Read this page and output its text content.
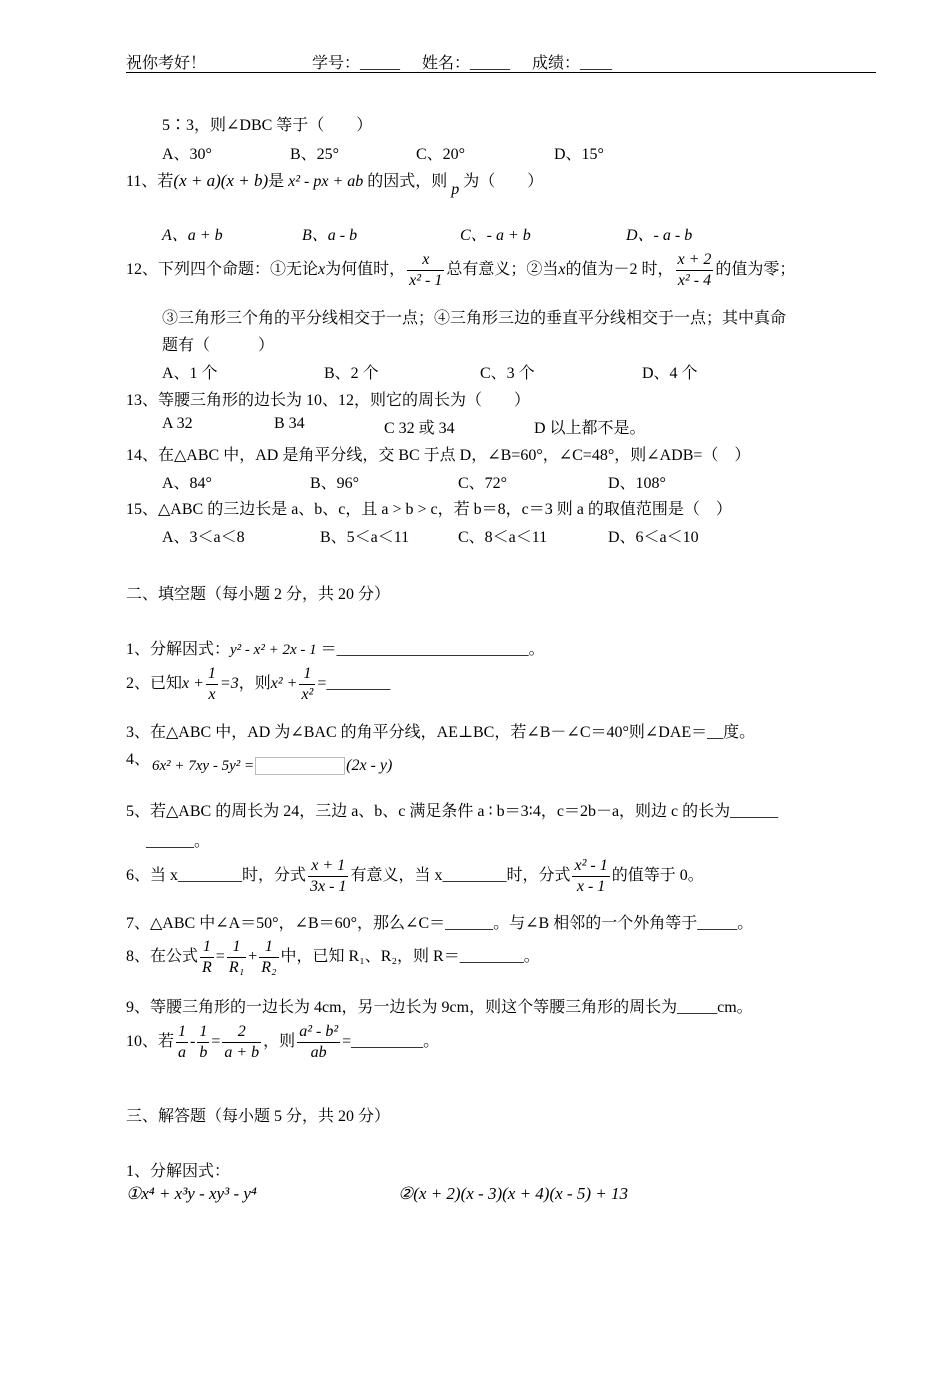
祝你考好！	学号：_____ 姓名：_____ 成绩：____
5∶3，则∠DBC 等于（　　）
A、30°	B、25°	C、20°	D、15°
11、若(x + a)(x + b)是 x² - px + ab 的因式，则 p 为（　　）
A、a + b	B、a - b	C、- a + b	D、- a - b
12、下列四个命题：①无论x为何值时， $\frac{x}{\text{x² - 1}}$ 总有意义；②当x的值为－2 时， $\frac{x + 2}{\text{x² - 4}}$ 的值为零；
③三角形三个角的平分线相交于一点；④三角形三边的垂直平分线相交于一点；其中真命
题有（　　　）
A、1 个	B、2 个	C、3 个	D、4 个
13、等腰三角形的边长为 10、12，则它的周长为（　　）
A 32	B 34	C 32 或 34	D 以上都不是。
14、在△ABC 中，AD 是角平分线，交 BC 于点 D，∠B=60°，∠C=48°，则∠ADB=（　）
A、84°	B、96°	C、72°	D、108°
15、△ABC 的三边长是 a、b、c，且 a > b > c，若 b＝8，c＝3 则 a 的取值范围是（　）
A、3＜a＜8	B、5＜a＜11	C、8＜a＜11	D、6＜a＜10
二、填空题（每小题 2 分，共 20 分）
1、分解因式：y² - x² + 2x - 1 ＝________________________。
2、已知$x + \frac{1}{x} =3$，则$x^2 + \frac{1}{\text{x²}}$ =________
3、在△ABC 中，AD 为∠BAC 的角平分线，AE⊥BC，若∠B－∠C＝40°则∠DAE＝__度。
4、 6x² + 7xy - 5y² =	(2x - y)
5、若△ABC 的周长为 24，三边 a、b、c 满足条件 a ∶ b＝3∶4，c＝2b－a，则边 c 的长为______
______。
6、当 x________时，分式 $\frac{x + 1}{3x - 1}$ 有意义，当 x________时，分式 $\frac{\text{x² - 1}}{x - 1}$ 的值等于 0。
7、△ABC 中∠A＝50°，∠B＝60°，那么∠C＝______。与∠B 相邻的一个外角等于_____。
8、在公式 $\frac{1}{R} = \frac{1}{\text{R₁}} + \frac{1}{\text{R₂}}$ 中，已知 R₁、R₂，则 R＝________。
9、等腰三角形的一边长为 4cm，另一边长为 9cm，则这个等腰三角形的周长为_____cm。
10、若 $\frac{1}{a} - \frac{1}{b} = \frac{2}{a + b}$ ，则 $\frac{\text{a² - b²}}{ab}$ =_________。
三、解答题（每小题 5 分，共 20 分）
1、分解因式：
①x⁴ + x³y - xy³ - y⁴	②(x + 2)(x - 3)(x + 4)(x - 5) + 13
